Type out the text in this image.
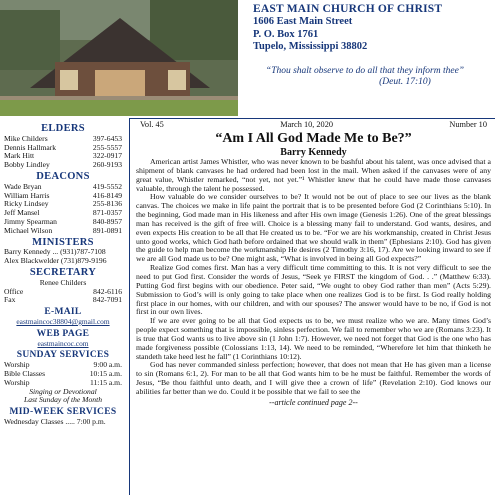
EAST MAIN CHURCH OF CHRIST
1606 East Main Street
P. O. Box 1761
Tupelo, Mississippi 38802
“Thou shalt observe to do all that they inform thee”
(Deut. 17:10)
ELDERS
Mike Childers	397-6453
Dennis Hallmark	255-5557
Mark Hitt	322-0917
Bobby Lindley	260-9193
DEACONS
Wade Bryan	419-5552
William Harris	416-8149
Ricky Lindsey	255-8136
Jeff Mansel	871-0357
Jimmy Spearman	840-8957
Michael Wilson	891-0891
MINISTERS
Barry Kennedy ... (931)787-7108
Alex Blackwelder (731)879-9196
SECRETARY
Renee Childers
Office	842-6116
Fax	842-7091
E-MAIL
eastmaincoc38804@gmail.com
WEB PAGE
eastmaincoc.com
SUNDAY SERVICES
Worship	9:00 a.m.
Bible Classes	10:15 a.m.
Worship	11:15 a.m.
Singing or Devotional
Last Sunday of the Month
MID-WEEK SERVICES
Wednesday Classes ..... 7:00 p.m.
Vol. 45	March 10, 2020	Number 10
“Am I All God Made Me to Be?”
Barry Kennedy

American artist James Whistler, who was never known to be bashful about his talent, was once advised that a shipment of blank canvases he had ordered had been lost in the mail. When asked if the canvases were of any great value, Whistler remarked, “not yet, not yet.”¹ Whistler knew that he could have made those canvases valuable, through the talent he possessed.

How valuable do we consider ourselves to be? It would not be out of place to see our lives as the blank canvas. The choices we make in life paint the portrait that is to be presented before God (2 Corinthians 5:10). In the beginning, God made man in His likeness and after His own image (Genesis 1:26). One of the great blessings man has received is the gift of free will. Choice is a blessing many fail to understand. God wants, desires, and even expects His creation to be all that He created us to be. “For we are his workmanship, created in Christ Jesus unto good works, which God hath before ordained that we should walk in them” (Ephesians 2:10). God has given the guide to help man become the workmanship He desires (2 Timothy 3:16, 17). Are we looking inward to see if we are all God made us to be? One might ask, “What is involved in being all God expects?”

Realize God comes first. Man has a very difficult time committing to this. It is not very difficult to see the need to put God first. Consider the words of Jesus, “Seek ye FIRST the kingdom of God. . .” (Matthew 6:33). Putting God first begins with our obedience. Peter said, “We ought to obey God rather than men” (Acts 5:29). Submission to God’s will is only going to take place when one realizes God is to be first. Is God really holding first place in our homes, with our children, and with our spouses? The answer would have to be no, if God is not first in our own lives.

If we are ever going to be all that God expects us to be, we must realize who we are. Many times God’s people expect something that is impossible, sinless perfection. We fail to remember who we are (Romans 3:23). It is true that God wants us to live above sin (1 John 1:7). However, we need not forget that God is the one who has made forgiveness possible (Colossians 1:13, 14). We need to be reminded, “Wherefore let him that thinketh he standeth take heed lest he fall” (1 Corinthians 10:12).

God has never commanded sinless perfection; however, that does not mean that He has given man a license to sin (Romans 6:1, 2). For man to be all that God wants him to be he must be faithful. Remember the words of Jesus, “Be thou faithful unto death, and I will give thee a crown of life” (Revelation 2:10). God knows our abilities far better than we do. Could it be possible that we fail to see the

--article continued page 2--
